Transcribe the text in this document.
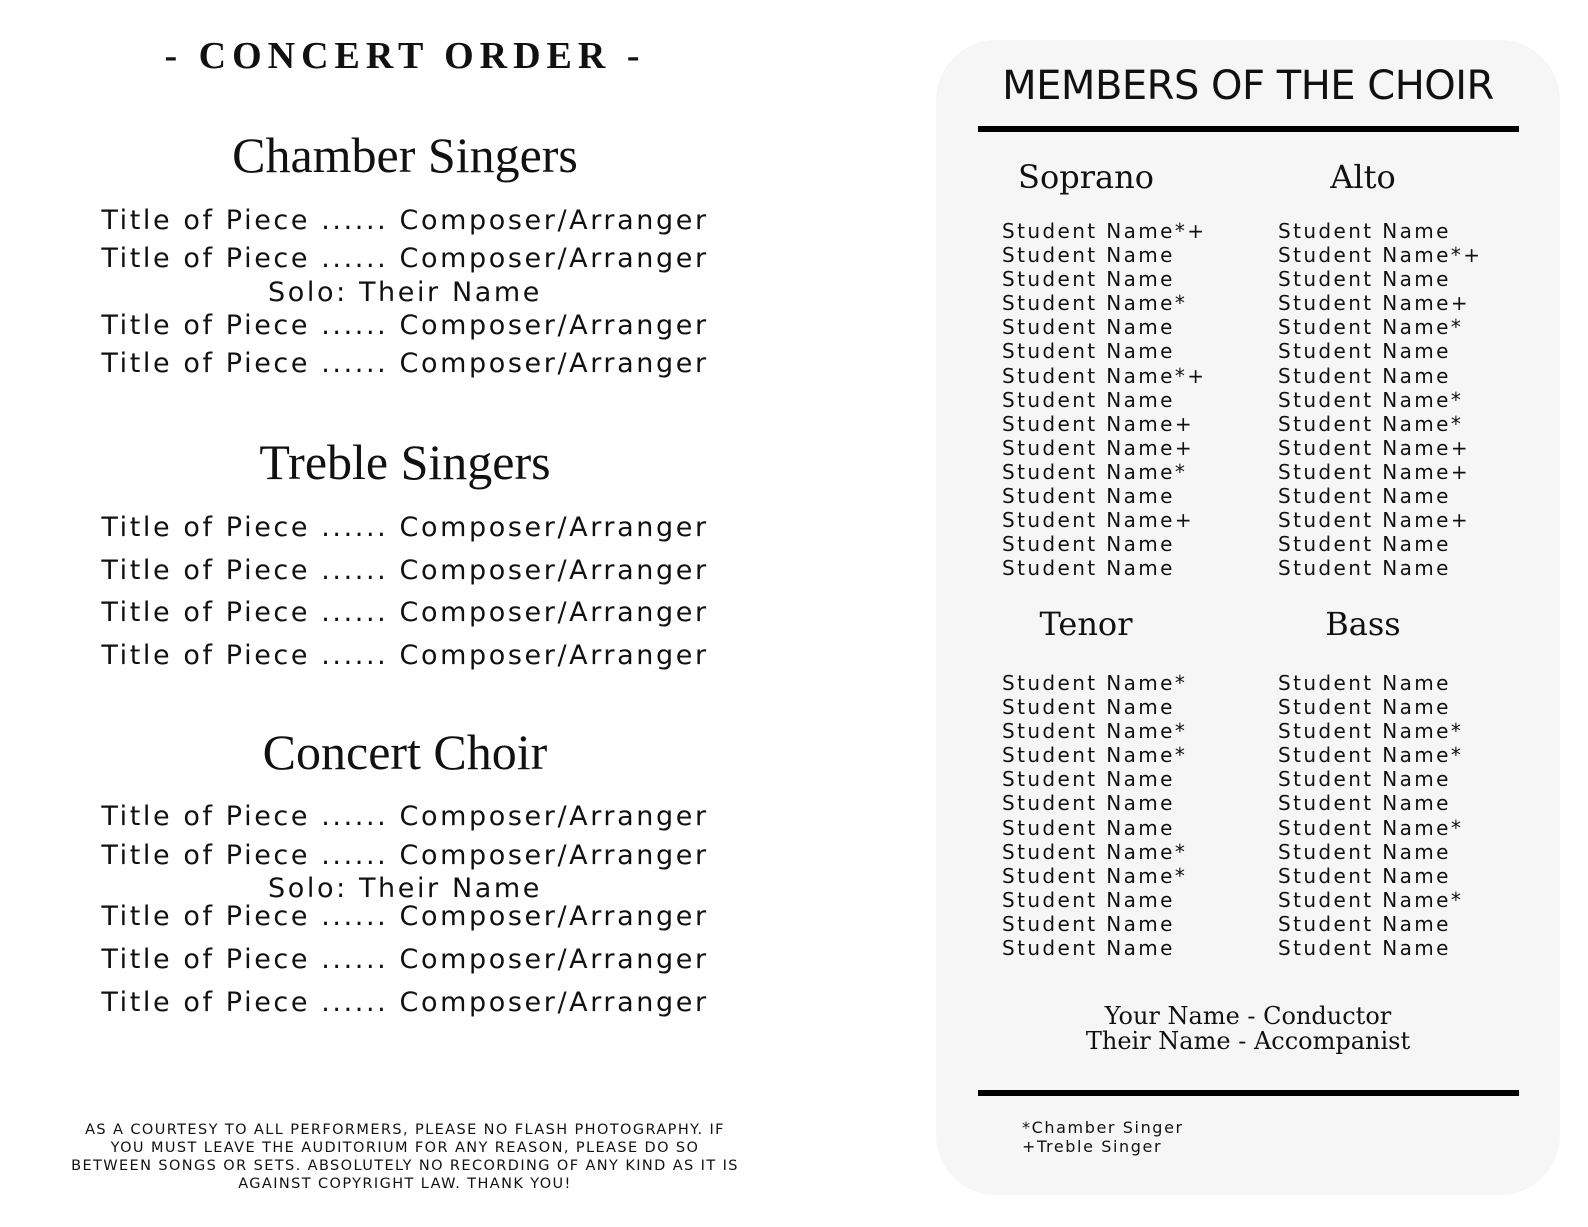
- CONCERT ORDER -
Chamber Singers
Title of Piece ...... Composer/Arranger
Title of Piece ...... Composer/Arranger
Solo: Their Name
Title of Piece ...... Composer/Arranger
Title of Piece ...... Composer/Arranger
Treble Singers
Title of Piece ...... Composer/Arranger
Title of Piece ...... Composer/Arranger
Title of Piece ...... Composer/Arranger
Title of Piece ...... Composer/Arranger
Concert Choir
Title of Piece ...... Composer/Arranger
Title of Piece ...... Composer/Arranger
Solo: Their Name
Title of Piece ...... Composer/Arranger
Title of Piece ...... Composer/Arranger
Title of Piece ...... Composer/Arranger
AS A COURTESY TO ALL PERFORMERS, PLEASE NO FLASH PHOTOGRAPHY. IF YOU MUST LEAVE THE AUDITORIUM FOR ANY REASON, PLEASE DO SO BETWEEN SONGS OR SETS. ABSOLUTELY NO RECORDING OF ANY KIND AS IT IS AGAINST COPYRIGHT LAW. THANK YOU!
MEMBERS OF THE CHOIR
Soprano	Alto
Student Name*+
Student Name
Student Name
Student Name*
Student Name
Student Name
Student Name*+
Student Name
Student Name+
Student Name+
Student Name*
Student Name
Student Name+
Student Name
Student Name
Student Name
Student Name*+
Student Name
Student Name+
Student Name*
Student Name
Student Name
Student Name*
Student Name*
Student Name+
Student Name+
Student Name
Student Name+
Student Name
Student Name
Tenor	Bass
Student Name*
Student Name
Student Name*
Student Name*
Student Name
Student Name
Student Name
Student Name*
Student Name*
Student Name
Student Name
Student Name
Student Name
Student Name
Student Name*
Student Name*
Student Name
Student Name
Student Name*
Student Name
Student Name
Student Name*
Student Name
Student Name
Your Name - Conductor
Their Name - Accompanist
*Chamber Singer
+Treble Singer
